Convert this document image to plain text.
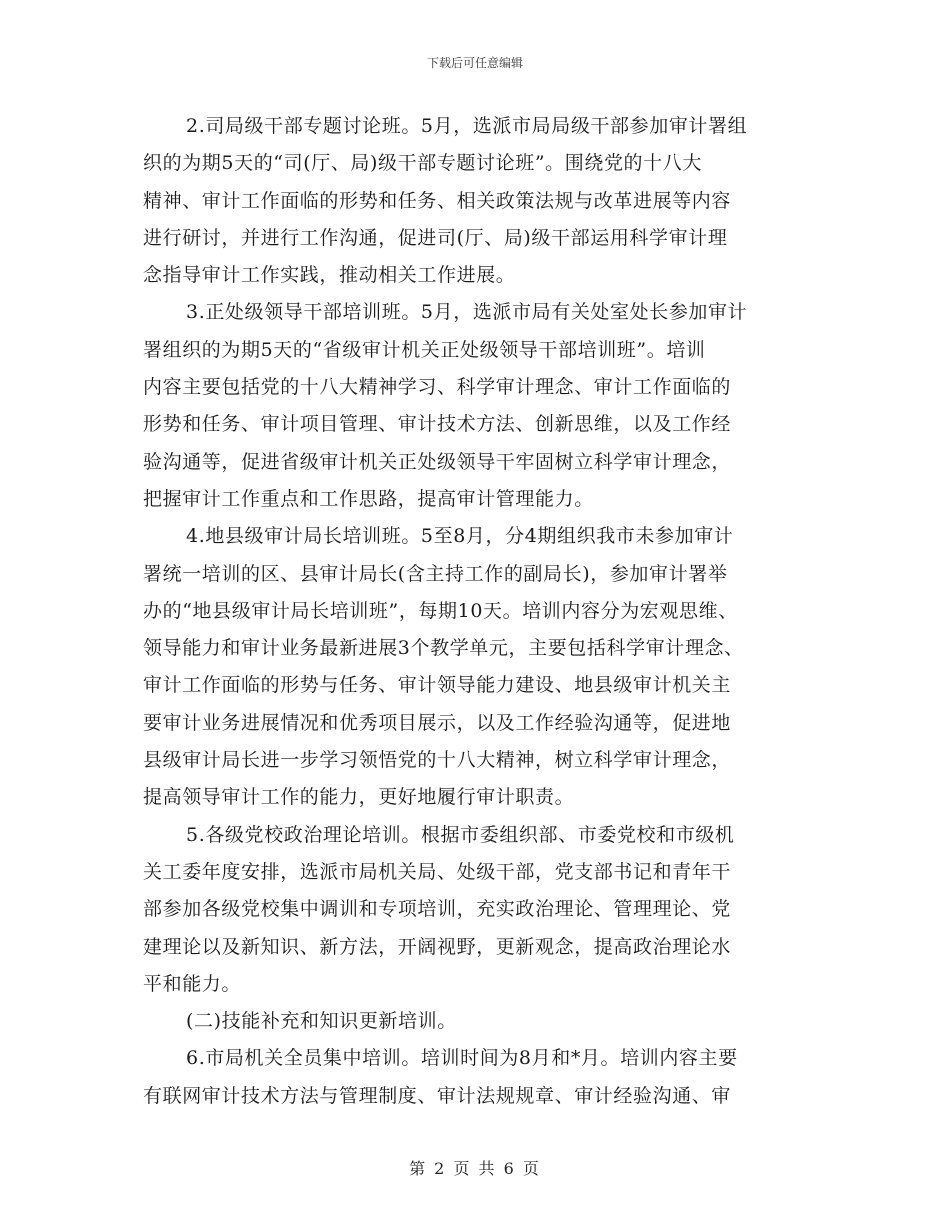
下载后可任意编辑
2.司局级干部专题讨论班。5月，选派市局局级干部参加审计署组
织的为期5天的“司(厅、局)级干部专题讨论班”。围绕党的十八大
精神、审计工作面临的形势和任务、相关政策法规与改革进展等内容
进行研讨，并进行工作沟通，促进司(厅、局)级干部运用科学审计理
念指导审计工作实践，推动相关工作进展。
3.正处级领导干部培训班。5月，选派市局有关处室处长参加审计
署组织的为期5天的“省级审计机关正处级领导干部培训班”。培训
内容主要包括党的十八大精神学习、科学审计理念、审计工作面临的
形势和任务、审计项目管理、审计技术方法、创新思维，以及工作经
验沟通等，促进省级审计机关正处级领导干牢固树立科学审计理念，
把握审计工作重点和工作思路，提高审计管理能力。
4.地县级审计局长培训班。5至8月，分4期组织我市未参加审计
署统一培训的区、县审计局长(含主持工作的副局长)，参加审计署举
办的“地县级审计局长培训班”，每期10天。培训内容分为宏观思维、
领导能力和审计业务最新进展3个教学单元，主要包括科学审计理念、
审计工作面临的形势与任务、审计领导能力建设、地县级审计机关主
要审计业务进展情况和优秀项目展示，以及工作经验沟通等，促进地
县级审计局长进一步学习领悟党的十八大精神，树立科学审计理念，
提高领导审计工作的能力，更好地履行审计职责。
5.各级党校政治理论培训。根据市委组织部、市委党校和市级机
关工委年度安排，选派市局机关局、处级干部，党支部书记和青年干
部参加各级党校集中调训和专项培训，充实政治理论、管理理论、党
建理论以及新知识、新方法，开阔视野，更新观念，提高政治理论水
平和能力。
(二)技能补充和知识更新培训。
6.市局机关全员集中培训。培训时间为8月和*月。培训内容主要
有联网审计技术方法与管理制度、审计法规规章、审计经验沟通、审
第 2 页 共 6 页
